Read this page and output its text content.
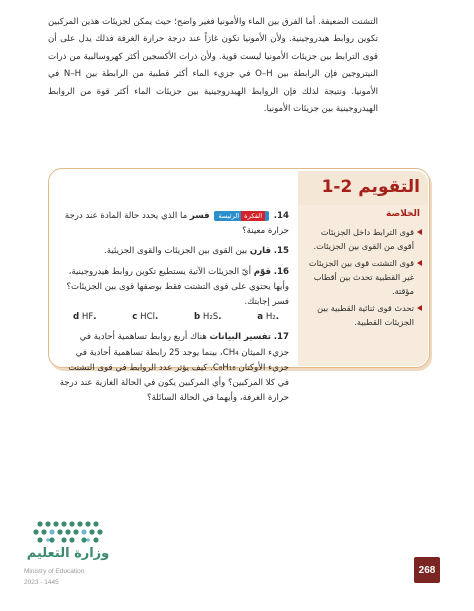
التشتت الضعيفة. أما الفرق بين الماء والأمونيا فغير واضح؛ حيث يمكن لجزيئات هذين المركبين تكوين روابط هيدروجينية. ولأن الأمونيا تكون غازاً عند درجة حرارة الغرفة فذلك يدل على أن قوى الترابط بين جزيئات الأمونيا ليست قوية. ولأن ذرات الأكسجين أكثر كهروسالبية من ذرات النيتروجين فإن الرابطة بين O–H في جزيء الماء أكثر قطبية من الرابطة بين N–H في الأمونيا. ونتيجة لذلك فإن الروابط الهيدروجينية بين جزيئات الماء أكثر قوة من الروابط الهيدروجينية بين جزيئات الأمونيا.

التقويم 2-1
الخلاصة
قوى الترابط داخل الجزيئات أقوى من القوى بين الجزيئات.
قوى التشتت قوى بين الجزيئات غير القطبية تحدث بين أقطاب مؤقتة.
تحدث قوى ثنائية القطبية بين الجزيئات القطبية.
14. الفكرةالرئيسة فسر ما الذي يحدد حالة المادة عند درجة حرارة معينة؟
15. قارن بين القوى بين الجزيئات والقوى الجزيئية.
16. قوّم أيّ الجزيئات الآتية يستطيع تكوين روابط هيدروجينية، وأيها يحتوي على قوى التشتت فقط بوصفها قوى بين الجزيئات؟ فسر إجابتك.
.a H₂
.b H₂S
.c HCl
.d HF
17. تفسير البيانات هناك أربع روابط تساهمية أحادية في جزيء الميثان CH₄، بينما يوجد 25 رابطة تساهمية أحادية في جزيء الأوكتان C₈H₁₈. كيف يؤثر عدد الروابط في قوى التشتت في كلا المركبين؟ وأي المركبين يكون في الحالة الغازية عند درجة حرارة الغرفة، وأيهما في الحالة السائلة؟
وزارة التعليم
Ministry of Education
2023 - 1445
268
